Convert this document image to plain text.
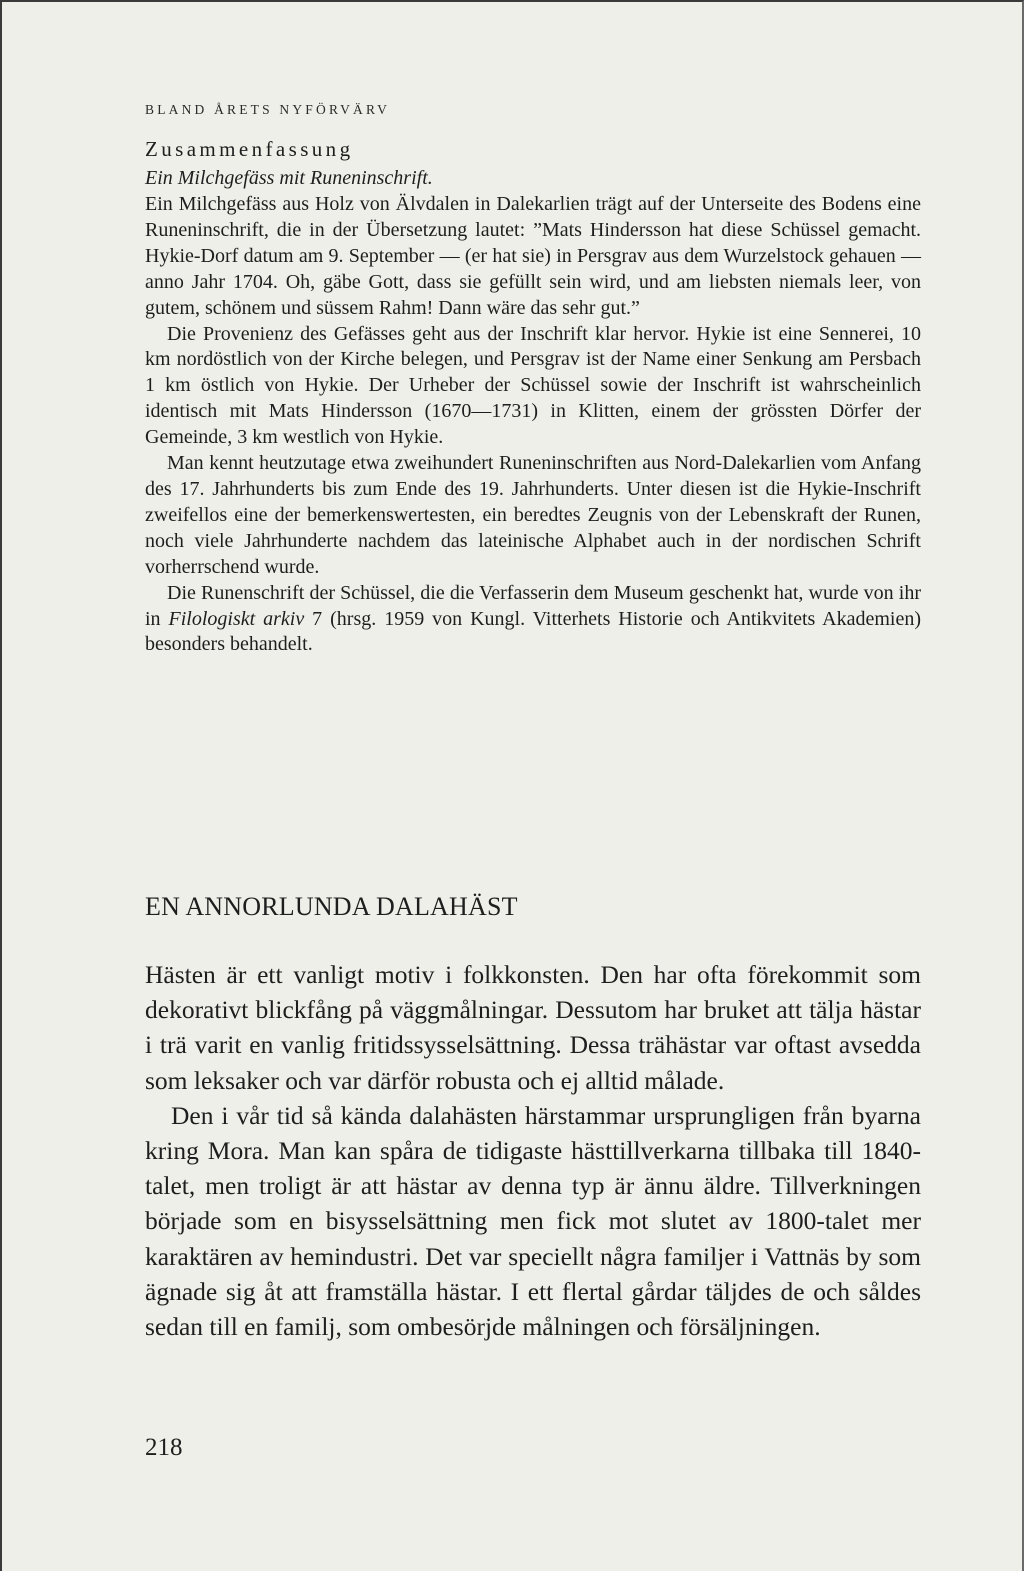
BLAND ÅRETS NYFÖRVÄRV
Zusammenfassung
Ein Milchgefäss mit Runeninschrift.

Ein Milchgefäss aus Holz von Älvdalen in Dalekarlien trägt auf der Unterseite des Bodens eine Runeninschrift, die in der Übersetzung lautet: ”Mats Hindersson hat diese Schüssel gemacht. Hykie-Dorf datum am 9. September — (er hat sie) in Persgrav aus dem Wurzelstock gehauen — anno Jahr 1704. Oh, gäbe Gott, dass sie gefüllt sein wird, und am liebsten niemals leer, von gutem, schönem und süssem Rahm! Dann wäre das sehr gut.”

Die Provenienz des Gefässes geht aus der Inschrift klar hervor. Hykie ist eine Sennerei, 10 km nordöstlich von der Kirche belegen, und Persgrav ist der Name einer Senkung am Persbach 1 km östlich von Hykie. Der Urheber der Schüssel sowie der Inschrift ist wahrscheinlich identisch mit Mats Hindersson (1670—1731) in Klitten, einem der grössten Dörfer der Gemeinde, 3 km westlich von Hykie.

Man kennt heutzutage etwa zweihundert Runeninschriften aus Nord-Dalekarlien vom Anfang des 17. Jahrhunderts bis zum Ende des 19. Jahrhunderts. Unter diesen ist die Hykie-Inschrift zweifellos eine der bemerkenswertesten, ein beredtes Zeugnis von der Lebenskraft der Runen, noch viele Jahrhunderte nachdem das lateinische Alphabet auch in der nordischen Schrift vorherrschend wurde.

Die Runenschrift der Schüssel, die die Verfasserin dem Museum geschenkt hat, wurde von ihr in Filologiskt arkiv 7 (hrsg. 1959 von Kungl. Vitterhets Historie och Antikvitets Akademien) besonders behandelt.

EN ANNORLUNDA DALAHÄST

Hästen är ett vanligt motiv i folkkonsten. Den har ofta förekommit som dekorativt blickfång på väggmålningar. Dessutom har bruket att tälja hästar i trä varit en vanlig fritidssysselsättning. Dessa trähästar var oftast avsedda som leksaker och var därför robusta och ej alltid målade.

Den i vår tid så kända dalahästen härstammar ursprungligen från byarna kring Mora. Man kan spåra de tidigaste hästtillverkarna tillbaka till 1840-talet, men troligt är att hästar av denna typ är ännu äldre. Tillverkningen började som en bisysselsättning men fick mot slutet av 1800-talet mer karaktären av hemindustri. Det var speciellt några familjer i Vattnäs by som ägnade sig åt att framställa hästar. I ett flertal gårdar täljdes de och såldes sedan till en familj, som ombesörjde målningen och försäljningen.

218
